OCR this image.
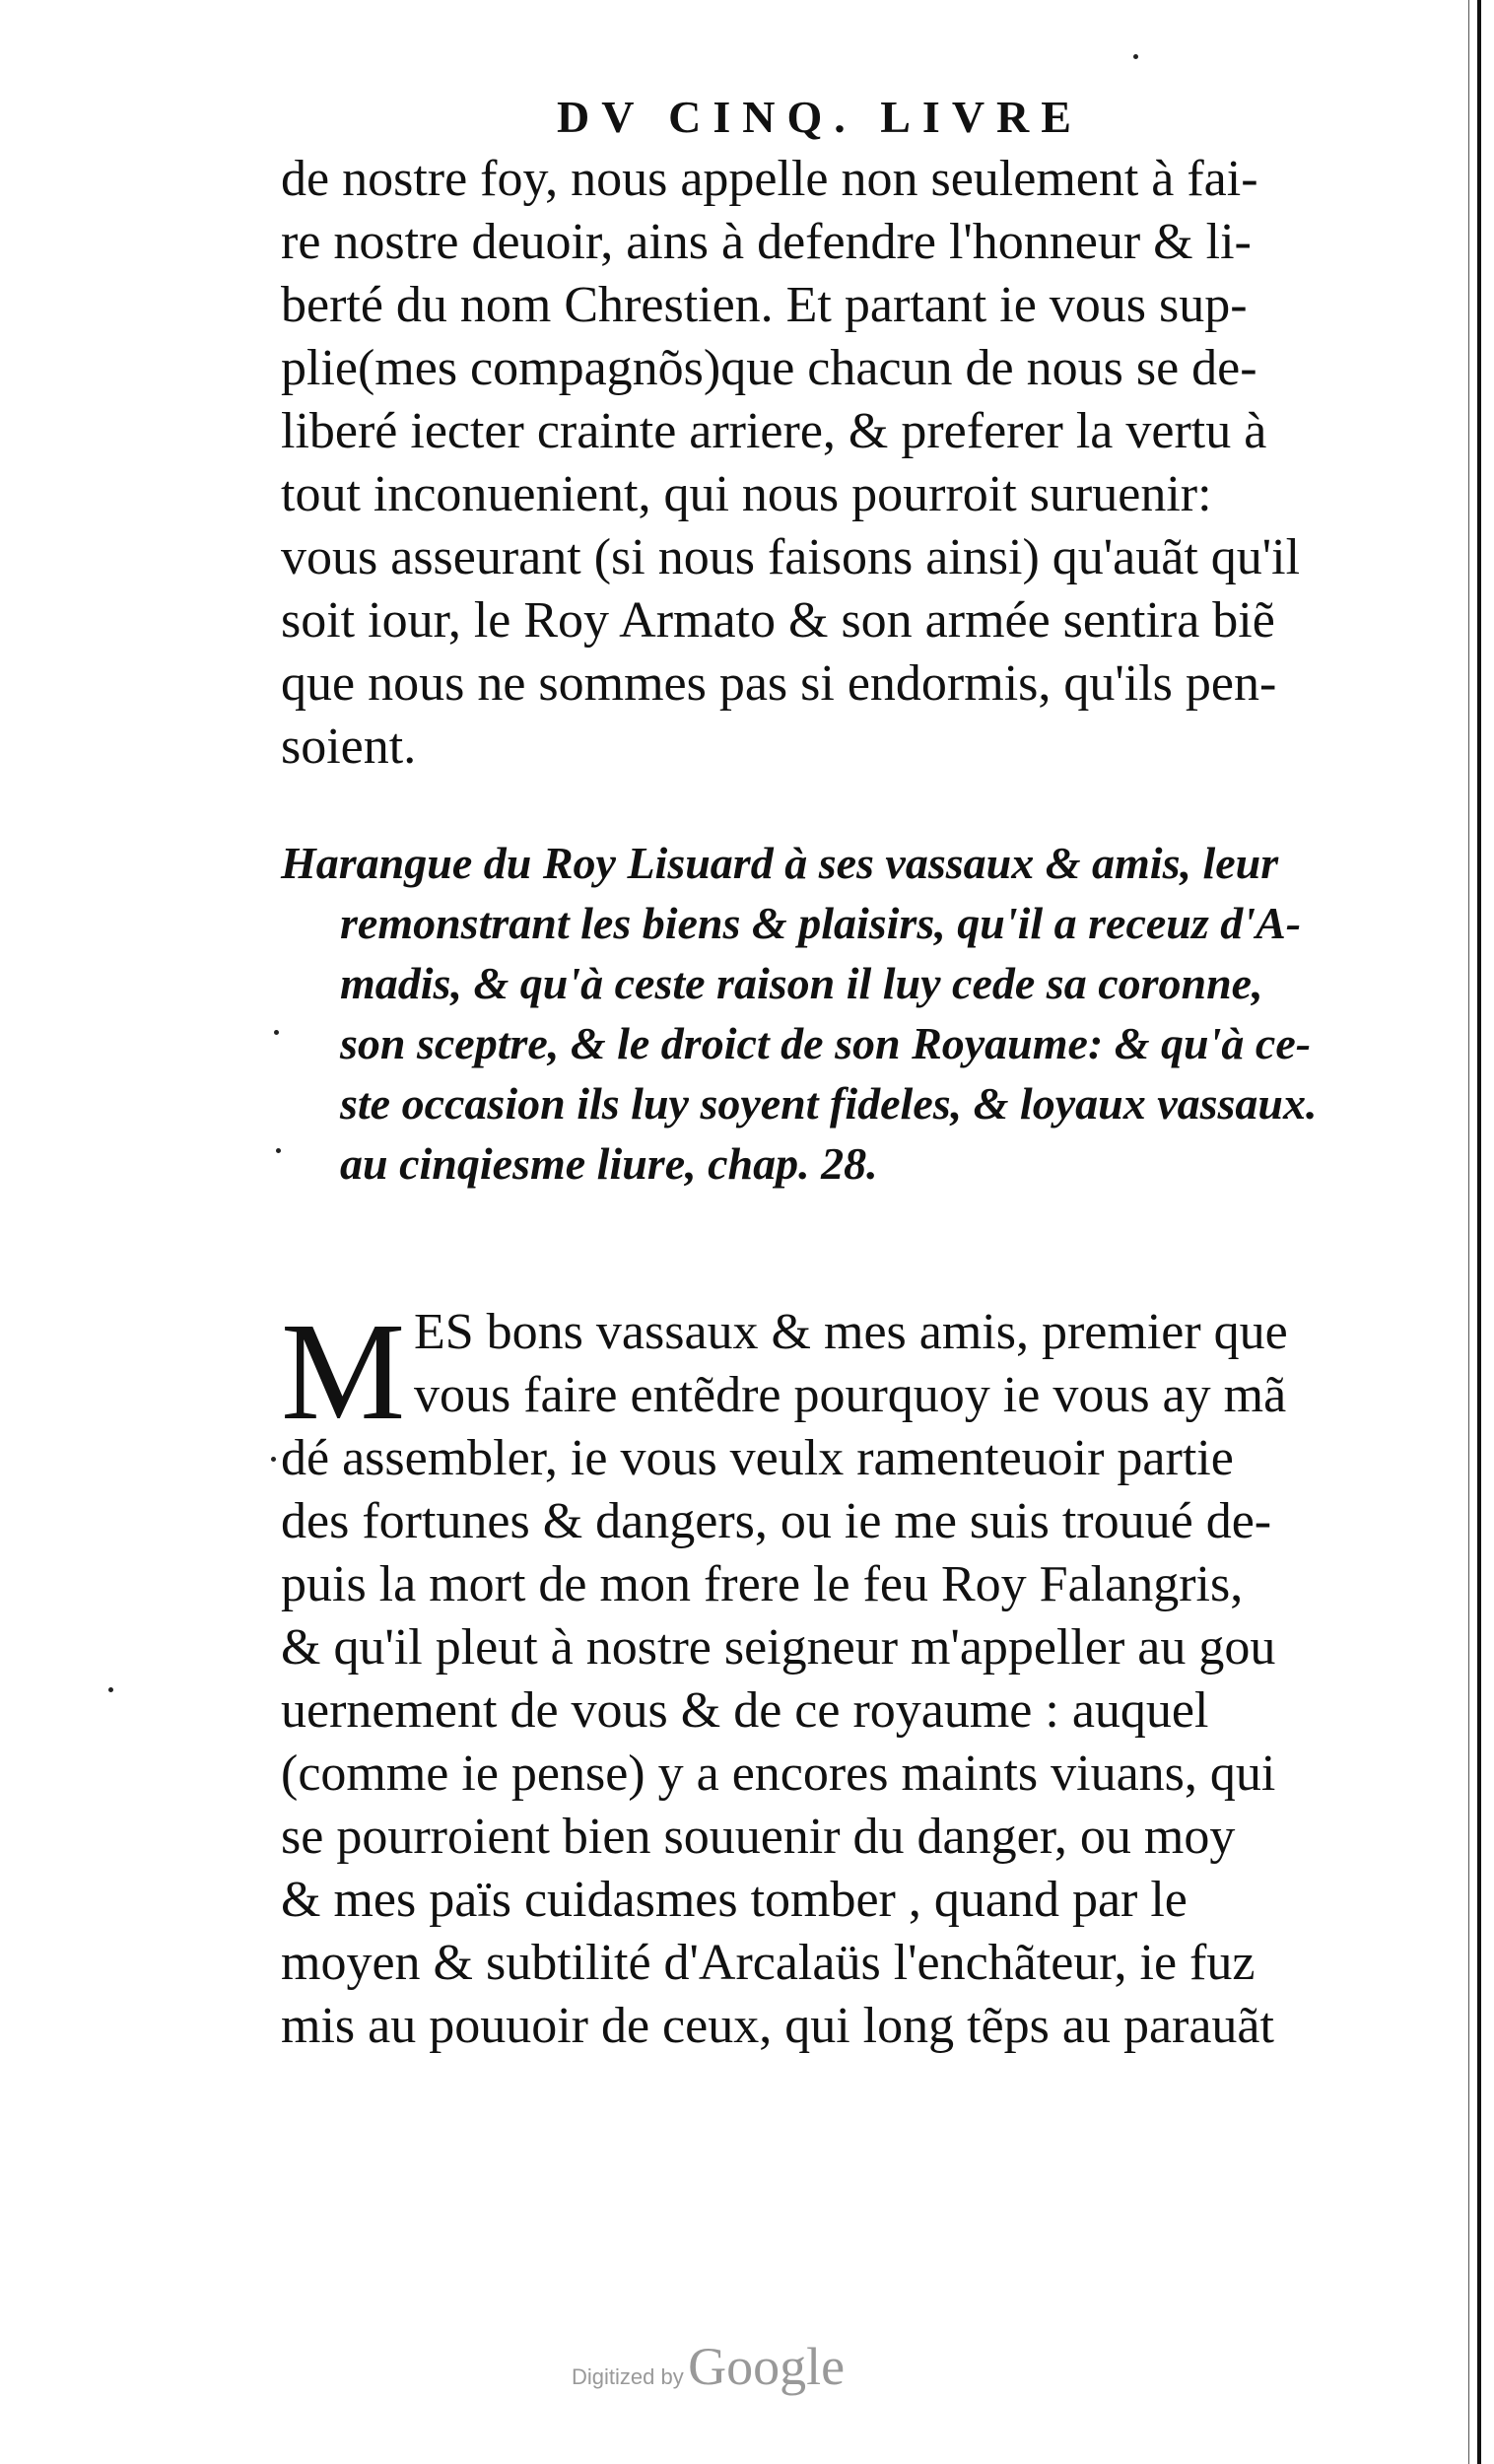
DV CINQ. LIVRE
de nostre foy, nous appelle non seulement à fai-
re nostre deuoir, ains à defendre l'honneur & li-
berté du nom Chrestien. Et partant ie vous sup-
plie(mes compagnõs)que chacun de nous se de-
liberé iecter crainte arriere, & preferer la vertu à
tout inconuenient, qui nous pourroit suruenir:
vous asseurant (si nous faisons ainsi) qu'auãt qu'il
soit iour, le Roy Armato & son armée sentira biẽ
que nous ne sommes pas si endormis, qu'ils pen-
soient.
Harangue du Roy Lisuard à ses vassaux & amis, leur
remonstrant les biens & plaisirs, qu'il a receuz d'A-
madis, & qu'à ceste raison il luy cede sa coronne,
son sceptre, & le droict de son Royaume: & qu'à ce-
ste occasion ils luy soyent fideles, & loyaux vassaux.
au cinqiesme liure, chap. 28.
M ES bons vassaux & mes amis, premier que
vous faire entẽdre pourquoy ie vous ay mã
dé assembler, ie vous veulx ramenteuoir partie
des fortunes & dangers, ou ie me suis trouué de-
puis la mort de mon frere le feu Roy Falangris,
& qu'il pleut à nostre seigneur m'appeller au gou
uernement de vous & de ce royaume : auquel
(comme ie pense) y a encores maints viuans, qui
se pourroient bien souuenir du danger, ou moy
& mes païs cuidasmes tomber , quand par le
moyen & subtilité d'Arcalaüs l'enchãteur, ie fuz
mis au pouuoir de ceux, qui long tẽps au parauãt
Digitized by Google
